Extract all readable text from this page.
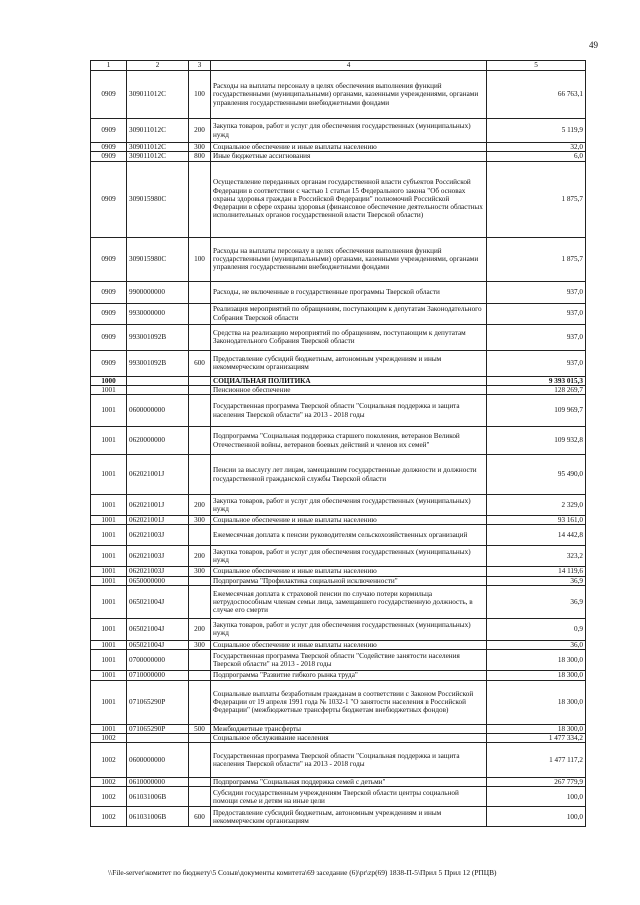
49
1	2	3	4	5
0909	309011012C	100	Расходы на выплаты персоналу в целях обеспечения выполнения функций государственными (муниципальными) органами, казенными учреждениями, органами управления государственными внебюджетными фондами	66 763,1
0909	309011012C	200	Закупка товаров, работ и услуг для обеспечения государственных (муниципальных) нужд	5 119,9
0909	309011012C	300	Социальное обеспечение и иные выплаты населению	32,0
0909	309011012C	800	Иные бюджетные ассигнования	6,0
0909	309015980C		Осуществление переданных органам государственной власти субъектов Российской Федерации в соответствии с частью 1 статьи 15 Федерального закона "Об основах охраны здоровья граждан в Российской Федерации" полномочий Российской Федерации в сфере охраны здоровья (финансовое обеспечение деятельности областных исполнительных органов государственной власти Тверской области)	1 875,7
0909	309015980C	100	Расходы на выплаты персоналу в целях обеспечения выполнения функций государственными (муниципальными) органами, казенными учреждениями, органами управления государственными внебюджетными фондами	1 875,7
0909	9900000000		Расходы, не включенные в государственные программы Тверской области	937,0
0909	9930000000		Реализация мероприятий по обращениям, поступающим к депутатам Законодательного Собрания Тверской области	937,0
0909	993001092В		Средства на реализацию мероприятий по обращениям, поступающим к депутатам Законодательного Собрания Тверской области	937,0
0909	993001092В	600	Предоставление субсидий бюджетным, автономным учреждениям и иным некоммерческим организациям	937,0
1000			СОЦИАЛЬНАЯ ПОЛИТИКА	9 393 015,3
1001			Пенсионное обеспечение	128 269,7
1001	0600000000		Государственная программа Тверской области "Социальная поддержка и защита населения Тверской области" на 2013 - 2018 годы	109 969,7
1001	0620000000		Подпрограмма "Социальная поддержка старшего поколения, ветеранов Великой Отечественной войны, ветеранов боевых действий и членов их семей"	109 932,8
1001	062021001J		Пенсии за выслугу лет лицам, замещавшим государственные должности и должности государственной гражданской службы Тверской области	95 490,0
1001	062021001J	200	Закупка товаров, работ и услуг для обеспечения государственных (муниципальных) нужд	2 329,0
1001	062021001J	300	Социальное обеспечение и иные выплаты населению	93 161,0
1001	062021003J		Ежемесячная доплата к пенсии руководителям сельскохозяйственных организаций	14 442,8
1001	062021003J	200	Закупка товаров, работ и услуг для обеспечения государственных (муниципальных) нужд	323,2
1001	062021003J	300	Социальное обеспечение и иные выплаты населению	14 119,6
1001	0650000000		Подпрограмма "Профилактика социальной исключенности"	36,9
1001	065021004J		Ежемесячная доплата к страховой пенсии по случаю потери кормильца нетрудоспособным членам семьи лица, замещавшего государственную должность, в случае его смерти	36,9
1001	065021004J	200	Закупка товаров, работ и услуг для обеспечения государственных (муниципальных) нужд	0,9
1001	065021004J	300	Социальное обеспечение и иные выплаты населению	36,0
1001	0700000000		Государственная программа Тверской области "Содействие занятости населения Тверской области" на 2013 - 2018 годы	18 300,0
1001	0710000000		Подпрограмма "Развитие гибкого рынка труда"	18 300,0
1001	071065290Р		Социальные выплаты безработным гражданам в соответствии с Законом Российской Федерации от 19 апреля 1991 года № 1032-1 "О занятости населения в Российской Федерации" (межбюджетные трансферты бюджетам внебюджетных фондов)	18 300,0
1001	071065290Р	500	Межбюджетные трансферты	18 300,0
1002			Социальное обслуживание населения	1 477 334,2
1002	0600000000		Государственная программа Тверской области "Социальная поддержка и защита населения Тверской области" на 2013 - 2018 годы	1 477 117,2
1002	0610000000		Подпрограмма "Социальная поддержка семей с детьми"	267 779,9
1002	061031006В		Субсидии государственным учреждениям Тверской области центры социальной помощи семье и детям на иные цели	100,0
1002	061031006В	600	Предоставление субсидий бюджетным, автономным учреждениям и иным некоммерческим организациям	100,0
\\File-server\комитет по бюджету\5 Созыв\документы комитета\69 заседание (6)\pr\zp(69) 1838-П-5\Прил 5 Прил 12 (РПЦВ)
